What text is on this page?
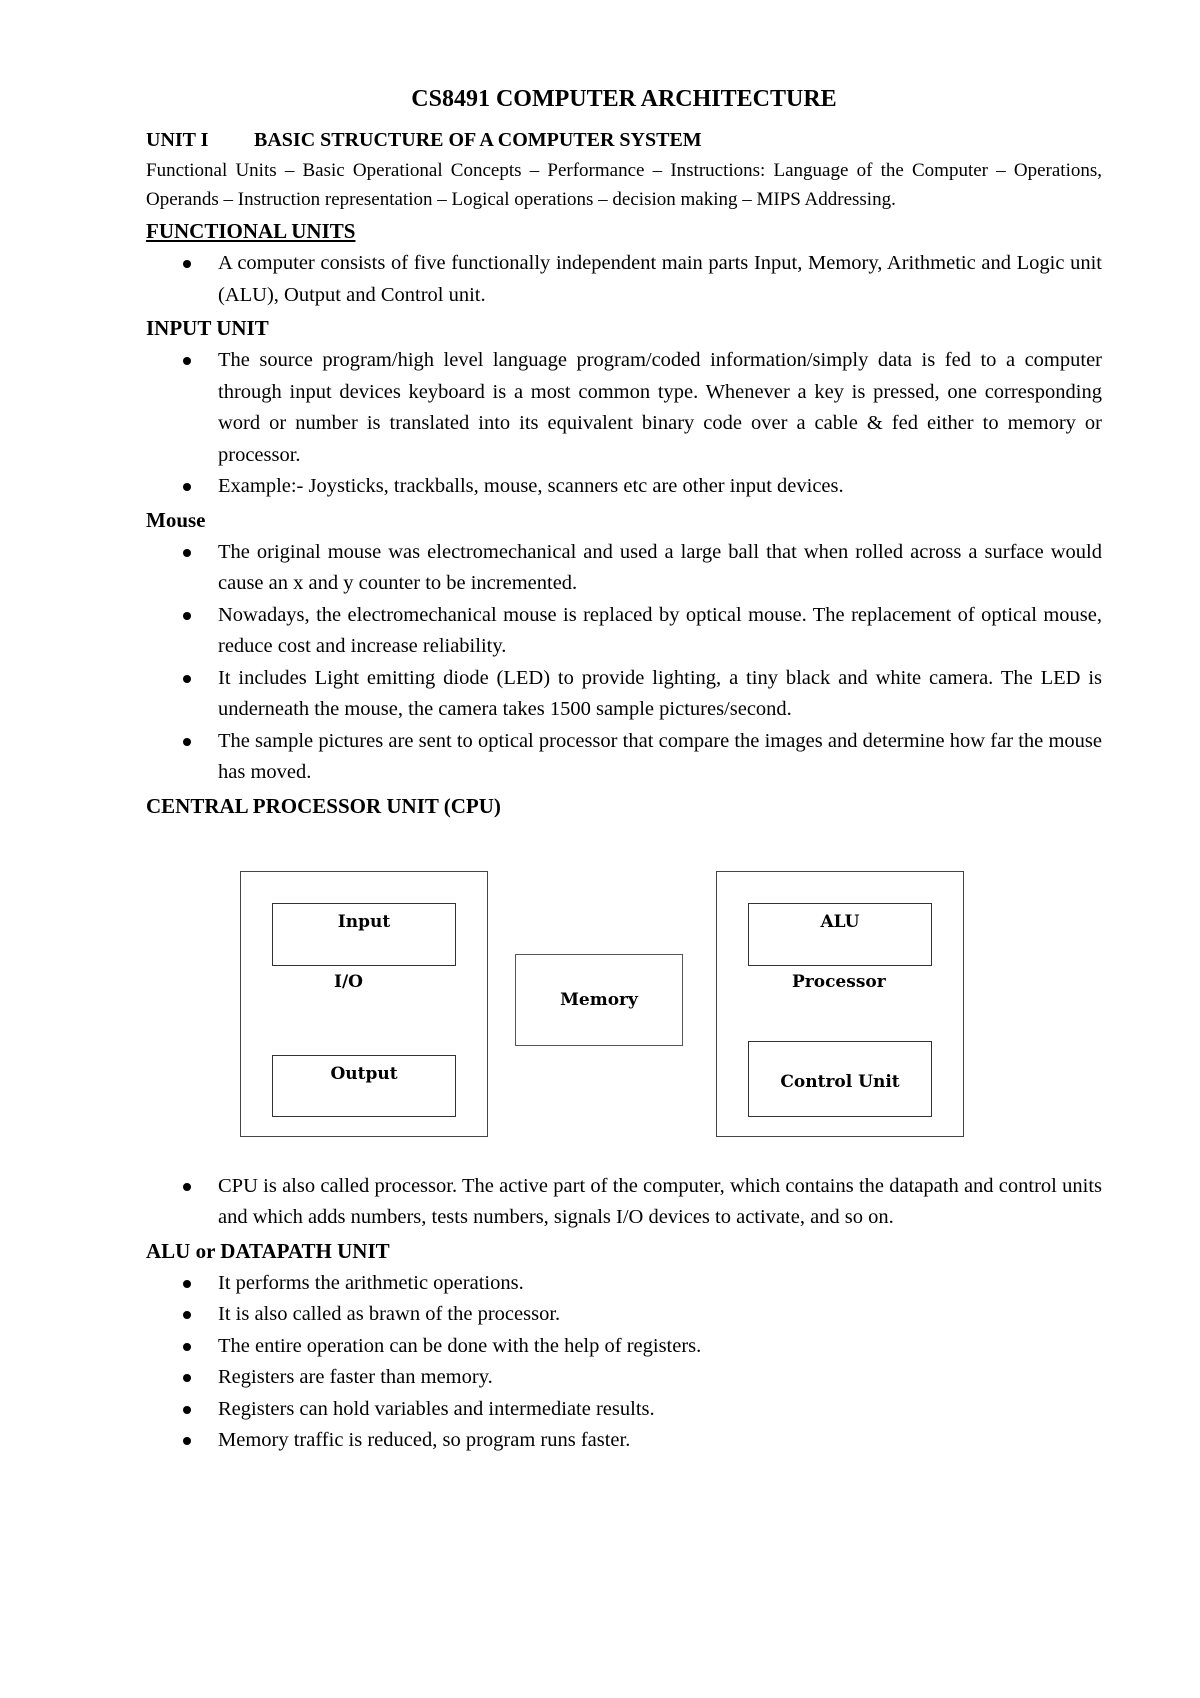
CS8491 COMPUTER ARCHITECTURE
UNIT I BASIC STRUCTURE OF A COMPUTER SYSTEM

Functional Units – Basic Operational Concepts – Performance – Instructions: Language of the Computer – Operations, Operands – Instruction representation – Logical operations – decision making – MIPS Addressing.

FUNCTIONAL UNITS
A computer consists of five functionally independent main parts Input, Memory, Arithmetic and Logic unit (ALU), Output and Control unit.
INPUT UNIT
The source program/high level language program/coded information/simply data is fed to a computer through input devices keyboard is a most common type. Whenever a key is pressed, one corresponding word or number is translated into its equivalent binary code over a cable & fed either to memory or processor.
Example:- Joysticks, trackballs, mouse, scanners etc are other input devices.
Mouse
The original mouse was electromechanical and used a large ball that when rolled across a surface would cause an x and y counter to be incremented.
Nowadays, the electromechanical mouse is replaced by optical mouse. The replacement of optical mouse, reduce cost and increase reliability.
It includes Light emitting diode (LED) to provide lighting, a tiny black and white camera. The LED is underneath the mouse, the camera takes 1500 sample pictures/second.
The sample pictures are sent to optical processor that compare the images and determine how far the mouse has moved.
CENTRAL PROCESSOR UNIT (CPU)
Input
I/O
Output
Memory
ALU
Processor
Control Unit
CPU is also called processor. The active part of the computer, which contains the datapath and control units and which adds numbers, tests numbers, signals I/O devices to activate, and so on.
ALU or DATAPATH UNIT
It performs the arithmetic operations.
It is also called as brawn of the processor.
The entire operation can be done with the help of registers.
Registers are faster than memory.
Registers can hold variables and intermediate results.
Memory traffic is reduced, so program runs faster.
